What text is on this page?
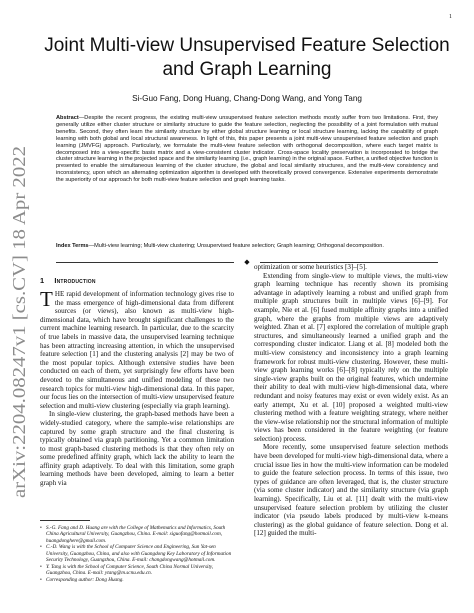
1
arXiv:2204.08247v1 [cs.CV] 18 Apr 2022
Joint Multi-view Unsupervised Feature Selection
and Graph Learning
Si-Guo Fang, Dong Huang, Chang-Dong Wang, and Yong Tang

Abstract—Despite the recent progress, the existing multi-view unsupervised feature selection methods mostly suffer from two limitations. First, they generally utilize either cluster structure or similarity structure to guide the feature selection, neglecting the possibility of a joint formulation with mutual benefits. Second, they often learn the similarity structure by either global structure learning or local structure learning, lacking the capability of graph learning with both global and local structural awareness. In light of this, this paper presents a joint multi-view unsupervised feature selection and graph learning (JMVFG) approach. Particularly, we formulate the multi-view feature selection with orthogonal decomposition, where each target matrix is decomposed into a view-specific basis matrix and a view-consistent cluster indicator. Cross-space locality preservation is incorporated to bridge the cluster structure learning in the projected space and the similarity learning (i.e., graph learning) in the original space. Further, a unified objective function is presented to enable the simultaneous learning of the cluster structure, the global and local similarity structures, and the multi-view consistency and inconsistency, upon which an alternating optimization algorithm is developed with theoretically proved convergence. Extensive experiments demonstrate the superiority of our approach for both multi-view feature selection and graph learning tasks.

Index Terms—Multi-view learning; Multi-view clustering; Unsupervised feature selection; Graph learning; Orthogonal decomposition.

◆
1 Introduction

THE rapid development of information technology gives rise to the mass emergence of high-dimensional data from different sources (or views), also known as multi-view high-dimensional data, which have brought significant challenges to the current machine learning research. In particular, due to the scarcity of true labels in massive data, the unsupervised learning technique has been attracting increasing attention, in which the unsupervised feature selection [1] and the clustering analysis [2] may be two of the most popular topics. Although extensive studies have been conducted on each of them, yet surprisingly few efforts have been devoted to the simultaneous and unified modeling of these two research topics for multi-view high-dimensional data. In this paper, our focus lies on the intersection of multi-view unsupervised feature selection and multi-view clustering (especially via graph learning).

In single-view clustering, the graph-based methods have been a widely-studied category, where the sample-wise relationships are captured by some graph structure and the final clustering is typically obtained via graph partitioning. Yet a common limitation to most graph-based clustering methods is that they often rely on some predefined affinity graph, which lack the ability to learn the affinity graph adaptively. To deal with this limitation, some graph learning methods have been developed, aiming to learn a better graph via

optimization or some heuristics [3]–[5].

Extending from single-view to multiple views, the multi-view graph learning technique has recently shown its promising advantage in adaptively learning a robust and unified graph from multiple graph structures built in multiple views [6]–[9]. For example, Nie et al. [6] fused multiple affinity graphs into a unified graph, where the graphs from multiple views are adaptively weighted. Zhan et al. [7] explored the correlation of multiple graph structures, and simultaneously learned a unified graph and the corresponding cluster indicator. Liang et al. [8] modeled both the multi-view consistency and inconsistency into a graph learning framework for robust multi-view clustering. However, these multi-view graph learning works [6]–[8] typically rely on the multiple single-view graphs built on the original features, which undermine their ability to deal with multi-view high-dimensional data, where redundant and noisy features may exist or even widely exist. As an early attempt, Xu et al. [10] proposed a weighted multi-view clustering method with a feature weighting strategy, where neither the view-wise relationship nor the structural information of multiple views has been considered in the feature weighting (or feature selection) process.

More recently, some unsupervised feature selection methods have been developed for multi-view high-dimensional data, where a crucial issue lies in how the multi-view information can be modeled to guide the feature selection process. In terms of this issue, two types of guidance are often leveraged, that is, the cluster structure (via some cluster indicator) and the similarity structure (via graph learning). Specifically, Liu et al. [11] dealt with the multi-view unsupervised feature selection problem by utilizing the cluster indicator (via pseudo labels produced by multi-view k-means clustering) as the global guidance of feature selection. Dong et al. [12] guided the multi-

• S.-G. Fang and D. Huang are with the College of Mathematics and Informatics, South China Agricultural University, Guangzhou, China. E-mail: siguofang@hotmail.com, huangdonghere@gmail.com.

• C.-D. Wang is with the School of Computer Science and Engineering, Sun Yat-sen University, Guangzhou, China, and also with Guangdong Key Laboratory of Information Security Technology, Guangzhou, China. E-mail: changdongwang@hotmail.com.

• Y. Tang is with the School of Computer Science, South China Normal University, Guangzhou, China. E-mail: ytang@m.scnu.edu.cn.

• Corresponding author: Dong Huang.
